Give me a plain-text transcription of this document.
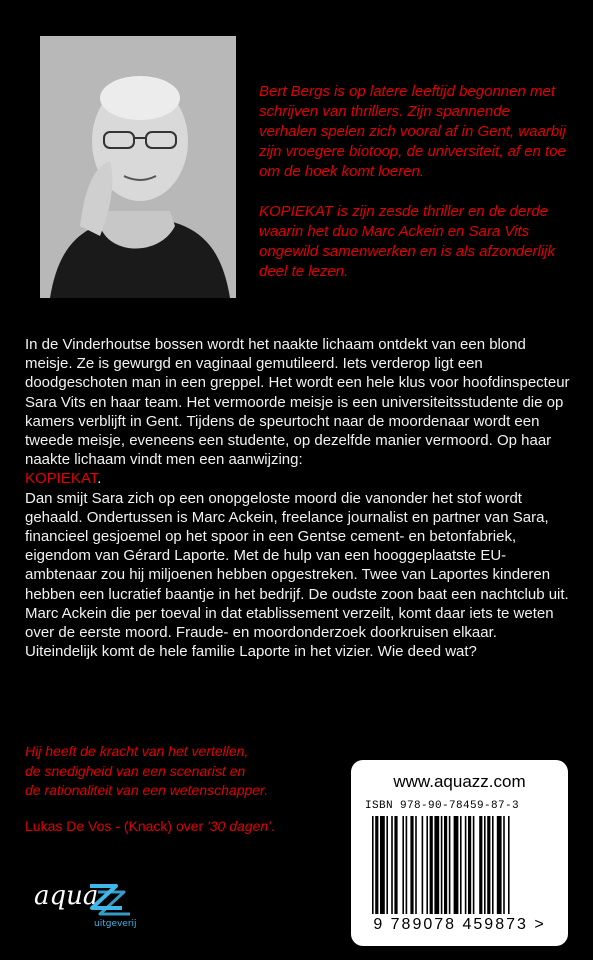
Bert Bergs is op latere leeftijd begonnen met schrijven van thrillers. Zijn spannende verhalen spelen zich vooral af in Gent, waarbij zijn vroegere biotoop, de universiteit, af en toe om de hoek komt loeren.

KOPIEKAT is zijn zesde thriller en de derde waarin het duo Marc Ackein en Sara Vits ongewild samenwerken en is als afzonderlijk deel te lezen.

In de Vinderhoutse bossen wordt het naakte lichaam ontdekt van een blond meisje. Ze is gewurgd en vaginaal gemutileerd. Iets verderop ligt een doodgeschoten man in een greppel. Het wordt een hele klus voor hoofdinspecteur Sara Vits en haar team. Het vermoorde meisje is een universiteitsstudente die op kamers verblijft in Gent. Tijdens de speurtocht naar de moordenaar wordt een tweede meisje, eveneens een studente, op dezelfde manier vermoord. Op haar naakte lichaam vindt men een aanwijzing:
KOPIEKAT.

Dan smijt Sara zich op een onopgeloste moord die vanonder het stof wordt gehaald. Ondertussen is Marc Ackein, freelance journalist en partner van Sara, financieel gesjoemel op het spoor in een Gentse cement- en betonfabriek, eigendom van Gérard Laporte. Met de hulp van een hooggeplaatste EU-ambtenaar zou hij miljoenen hebben opgestreken. Twee van Laportes kinderen hebben een lucratief baantje in het bedrijf. De oudste zoon baat een nachtclub uit. Marc Ackein die per toeval in dat etablissement verzeilt, komt daar iets te weten over de eerste moord. Fraude- en moordonderzoek doorkruisen elkaar. Uiteindelijk komt de hele familie Laporte in het vizier. Wie deed wat?

Hij heeft de kracht van het vertellen,
de snedigheid van een scenarist en
de rationaliteit van een wetenschapper.
Lukas De Vos - (Knack) over '30 dagen'.
aqua
uitgeverij
www.aquazz.com
ISBN 978-90-78459-87-3
9 789078 459873 >
